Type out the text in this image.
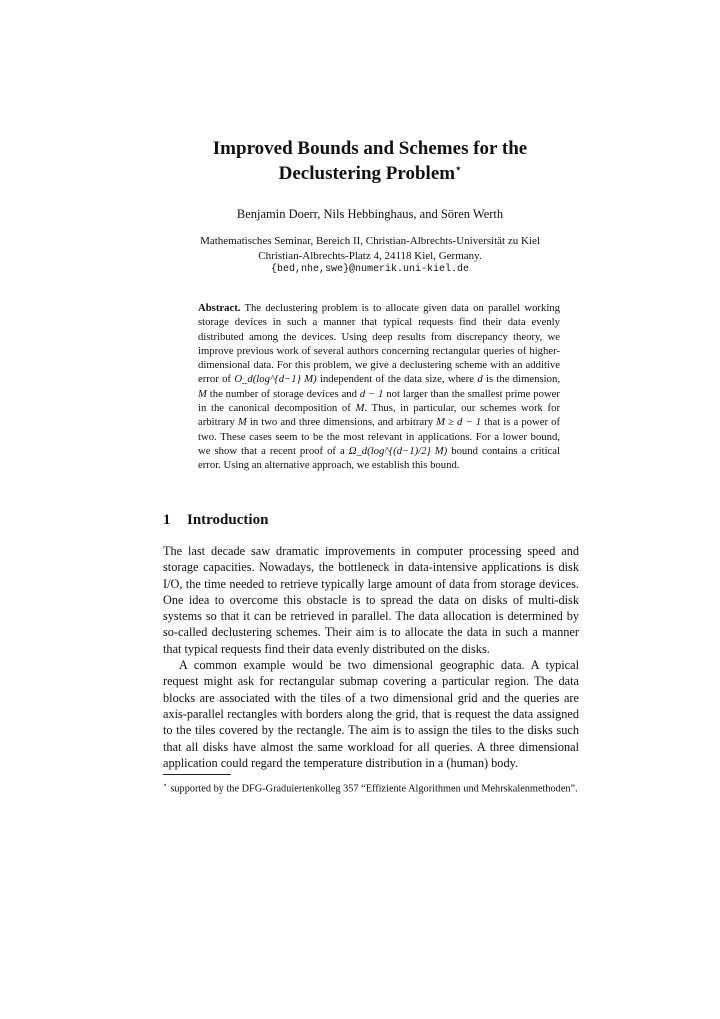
Improved Bounds and Schemes for the
Declustering Problem⋆
Benjamin Doerr, Nils Hebbinghaus, and Sören Werth
Mathematisches Seminar, Bereich II, Christian-Albrechts-Universität zu Kiel
Christian-Albrechts-Platz 4, 24118 Kiel, Germany.
{bed,nhe,swe}@numerik.uni-kiel.de
Abstract. The declustering problem is to allocate given data on parallel working storage devices in such a manner that typical requests find their data evenly distributed among the devices. Using deep results from discrepancy theory, we improve previous work of several authors concerning rectangular queries of higher-dimensional data. For this problem, we give a declustering scheme with an additive error of O_d(log^{d−1} M) independent of the data size, where d is the dimension, M the number of storage devices and d − 1 not larger than the smallest prime power in the canonical decomposition of M. Thus, in particular, our schemes work for arbitrary M in two and three dimensions, and arbitrary M ≥ d − 1 that is a power of two. These cases seem to be the most relevant in applications. For a lower bound, we show that a recent proof of a Ω_d(log^{(d−1)/2} M) bound contains a critical error. Using an alternative approach, we establish this bound.
1 Introduction

The last decade saw dramatic improvements in computer processing speed and storage capacities. Nowadays, the bottleneck in data-intensive applications is disk I/O, the time needed to retrieve typically large amount of data from storage devices. One idea to overcome this obstacle is to spread the data on disks of multi-disk systems so that it can be retrieved in parallel. The data allocation is determined by so-called declustering schemes. Their aim is to allocate the data in such a manner that typical requests find their data evenly distributed on the disks.

A common example would be two dimensional geographic data. A typical request might ask for rectangular submap covering a particular region. The data blocks are associated with the tiles of a two dimensional grid and the queries are axis-parallel rectangles with borders along the grid, that is request the data assigned to the tiles covered by the rectangle. The aim is to assign the tiles to the disks such that all disks have almost the same workload for all queries. A three dimensional application could regard the temperature distribution in a (human) body.

⋆ supported by the DFG-Graduiertenkolleg 357 “Effiziente Algorithmen und Mehrskalenmethoden”.
